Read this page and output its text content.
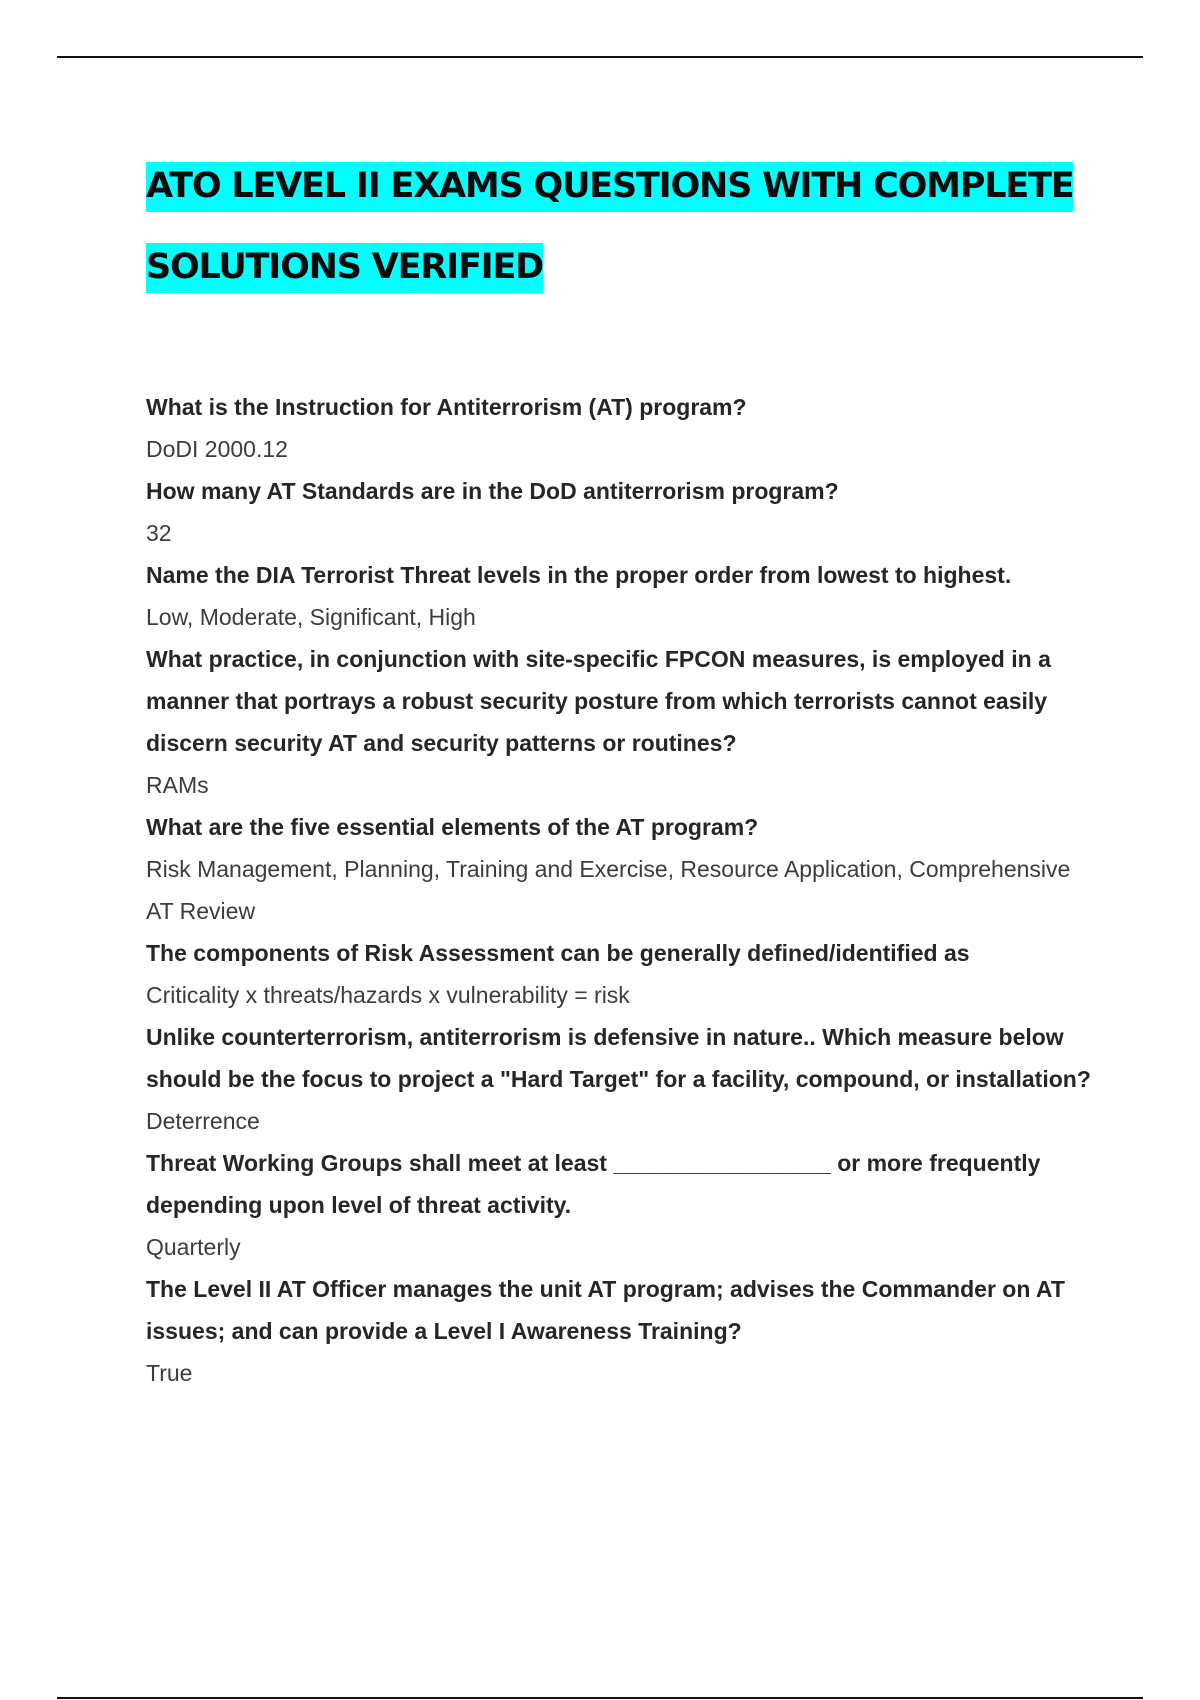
ATO LEVEL II EXAMS QUESTIONS WITH COMPLETE
SOLUTIONS VERIFIED

What is the Instruction for Antiterrorism (AT) program?

DoDI 2000.12

How many AT Standards are in the DoD antiterrorism program?

32

Name the DIA Terrorist Threat levels in the proper order from lowest to highest.

Low, Moderate, Significant, High

What practice, in conjunction with site-specific FPCON measures, is employed in a manner that portrays a robust security posture from which terrorists cannot easily discern security AT and security patterns or routines?

RAMs

What are the five essential elements of the AT program?

Risk Management, Planning, Training and Exercise, Resource Application, Comprehensive AT Review

The components of Risk Assessment can be generally defined/identified as

Criticality x threats/hazards x vulnerability = risk

Unlike counterterrorism, antiterrorism is defensive in nature.. Which measure below should be the focus to project a "Hard Target" for a facility, compound, or installation?

Deterrence

Threat Working Groups shall meet at least _________________ or more frequently depending upon level of threat activity.

Quarterly

The Level II AT Officer manages the unit AT program; advises the Commander on AT issues; and can provide a Level I Awareness Training?

True
